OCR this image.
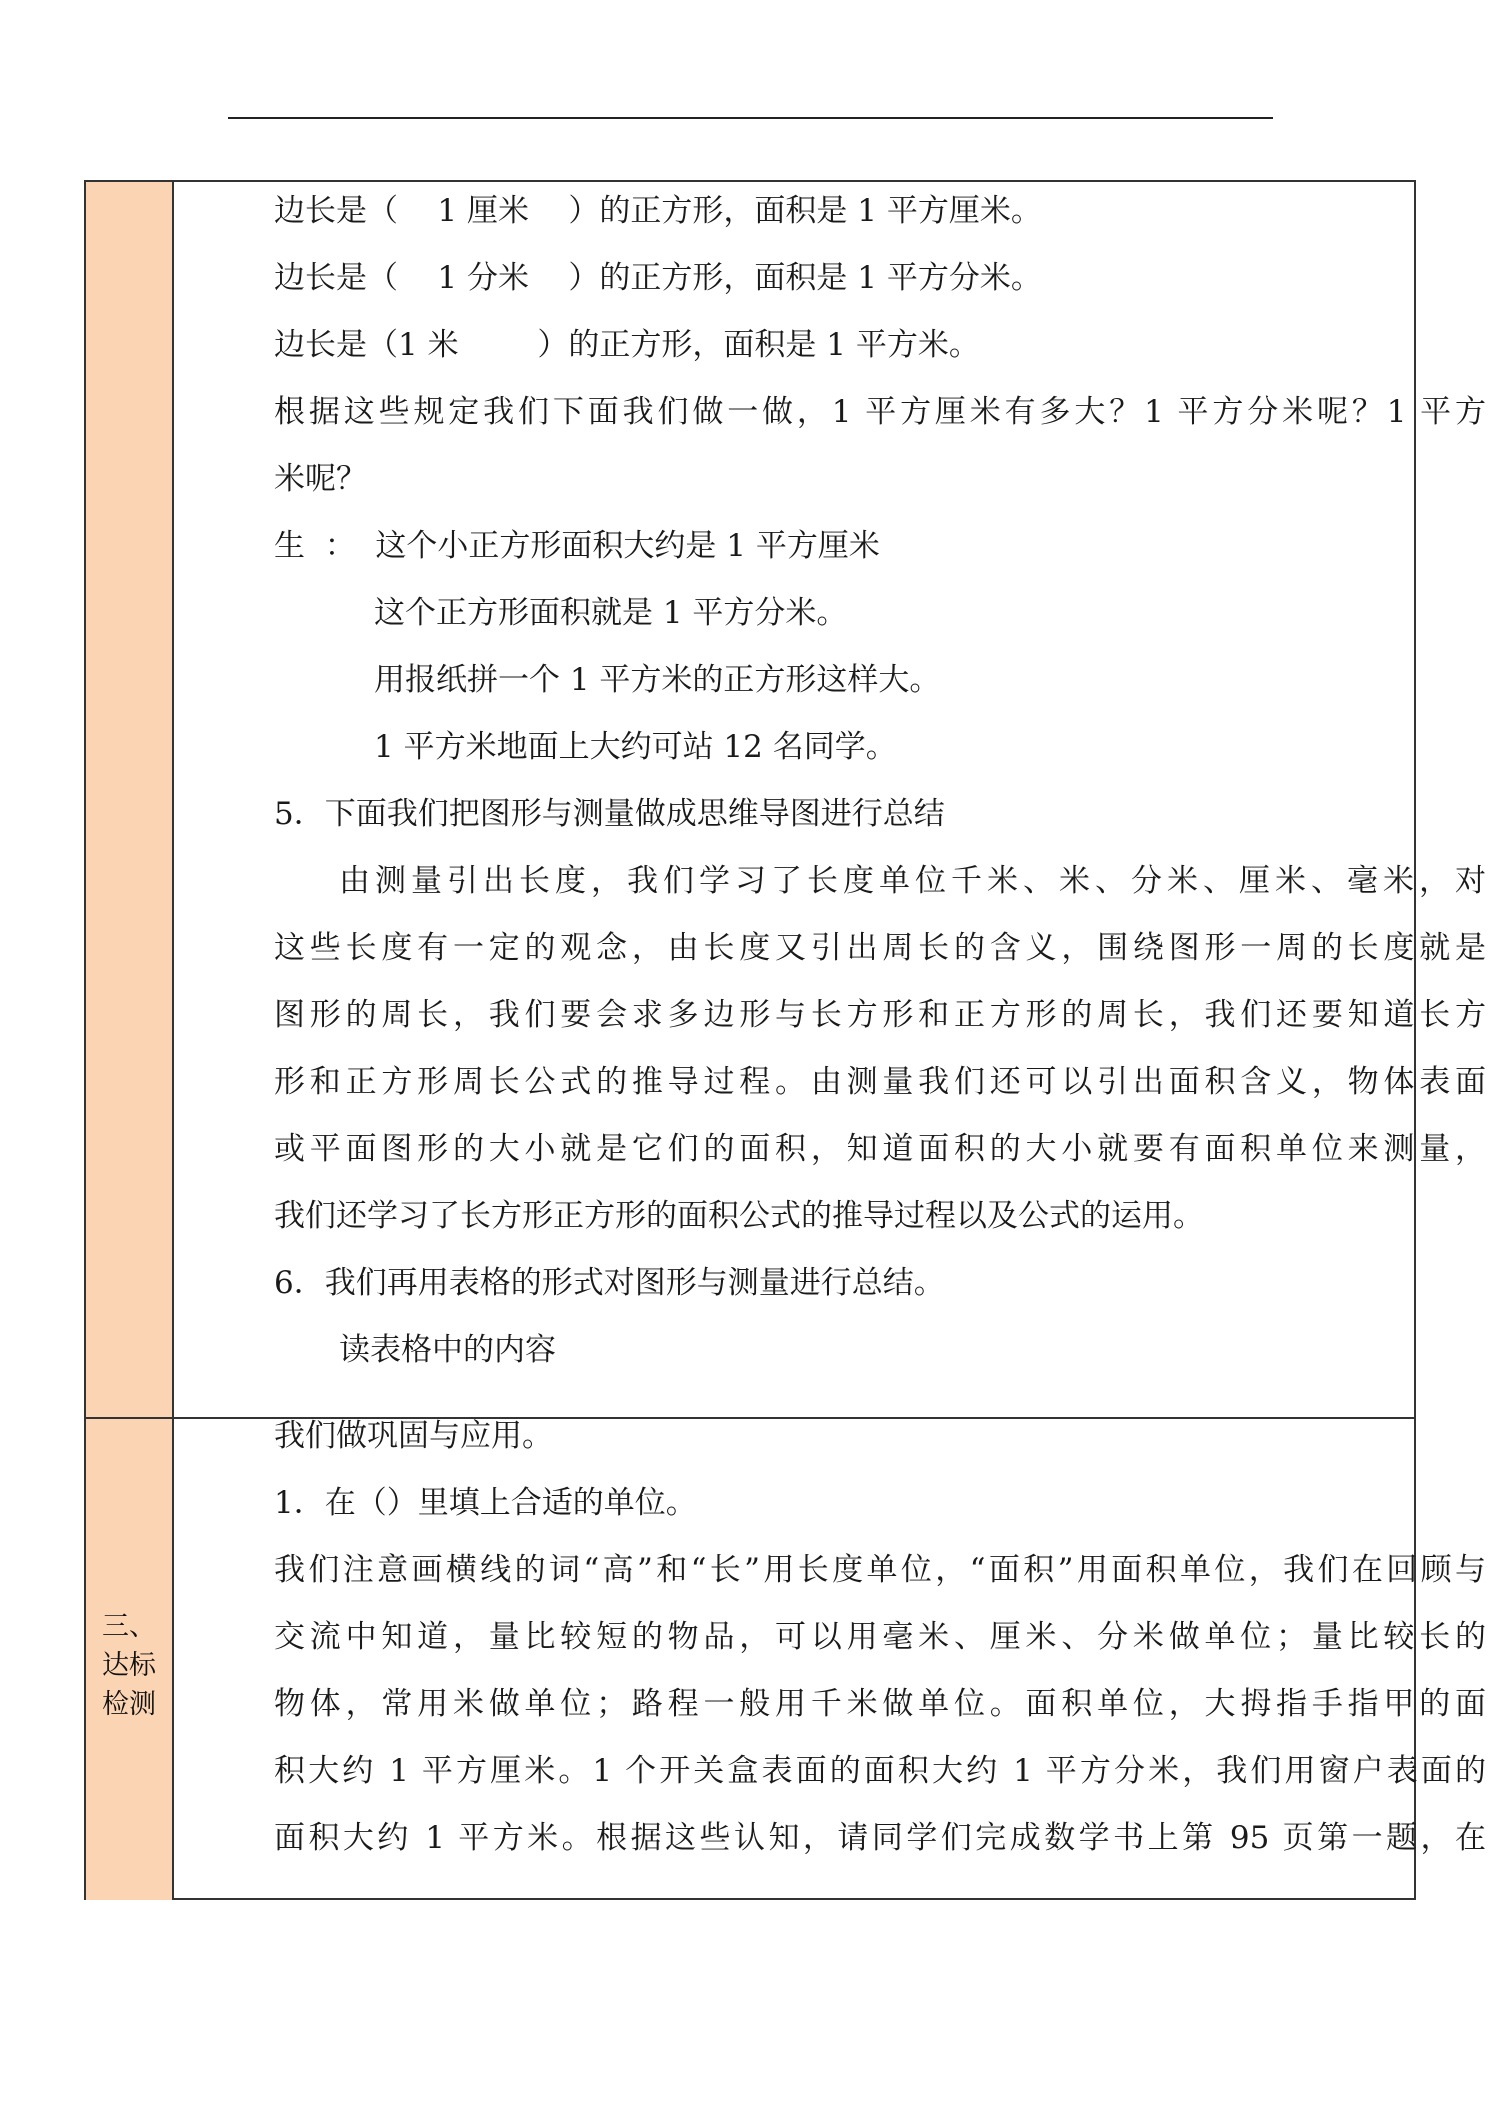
边长是（    1 厘米    ）的正方形，面积是 1 平方厘米。
边长是（    1 分米    ）的正方形，面积是 1 平方分米。
边长是（1 米        ）的正方形，面积是 1 平方米。
根据这些规定我们下面我们做一做，1 平方厘米有多大？1 平方分米呢？1 平方
米呢？
生  ：  这个小正方形面积大约是 1 平方厘米
这个正方形面积就是 1 平方分米。
用报纸拼一个 1 平方米的正方形这样大。
1 平方米地面上大约可站 12 名同学。
5．下面我们把图形与测量做成思维导图进行总结
由测量引出长度，我们学习了长度单位千米、米、分米、厘米、毫米，对
这些长度有一定的观念，由长度又引出周长的含义，围绕图形一周的长度就是
图形的周长，我们要会求多边形与长方形和正方形的周长，我们还要知道长方
形和正方形周长公式的推导过程。由测量我们还可以引出面积含义，物体表面
或平面图形的大小就是它们的面积，知道面积的大小就要有面积单位来测量，
我们还学习了长方形正方形的面积公式的推导过程以及公式的运用。
6．我们再用表格的形式对图形与测量进行总结。
读表格中的内容
三、
达标
检测
我们做巩固与应用。
1．在（）里填上合适的单位。
我们注意画横线的词“高”和“长”用长度单位，“面积”用面积单位，我们在回顾与
交流中知道，量比较短的物品，可以用毫米、厘米、分米做单位；量比较长的
物体，常用米做单位；路程一般用千米做单位。面积单位，大拇指手指甲的面
积大约 1 平方厘米。1 个开关盒表面的面积大约 1 平方分米，我们用窗户表面的
面积大约 1 平方米。根据这些认知，请同学们完成数学书上第 95 页第一题，在
